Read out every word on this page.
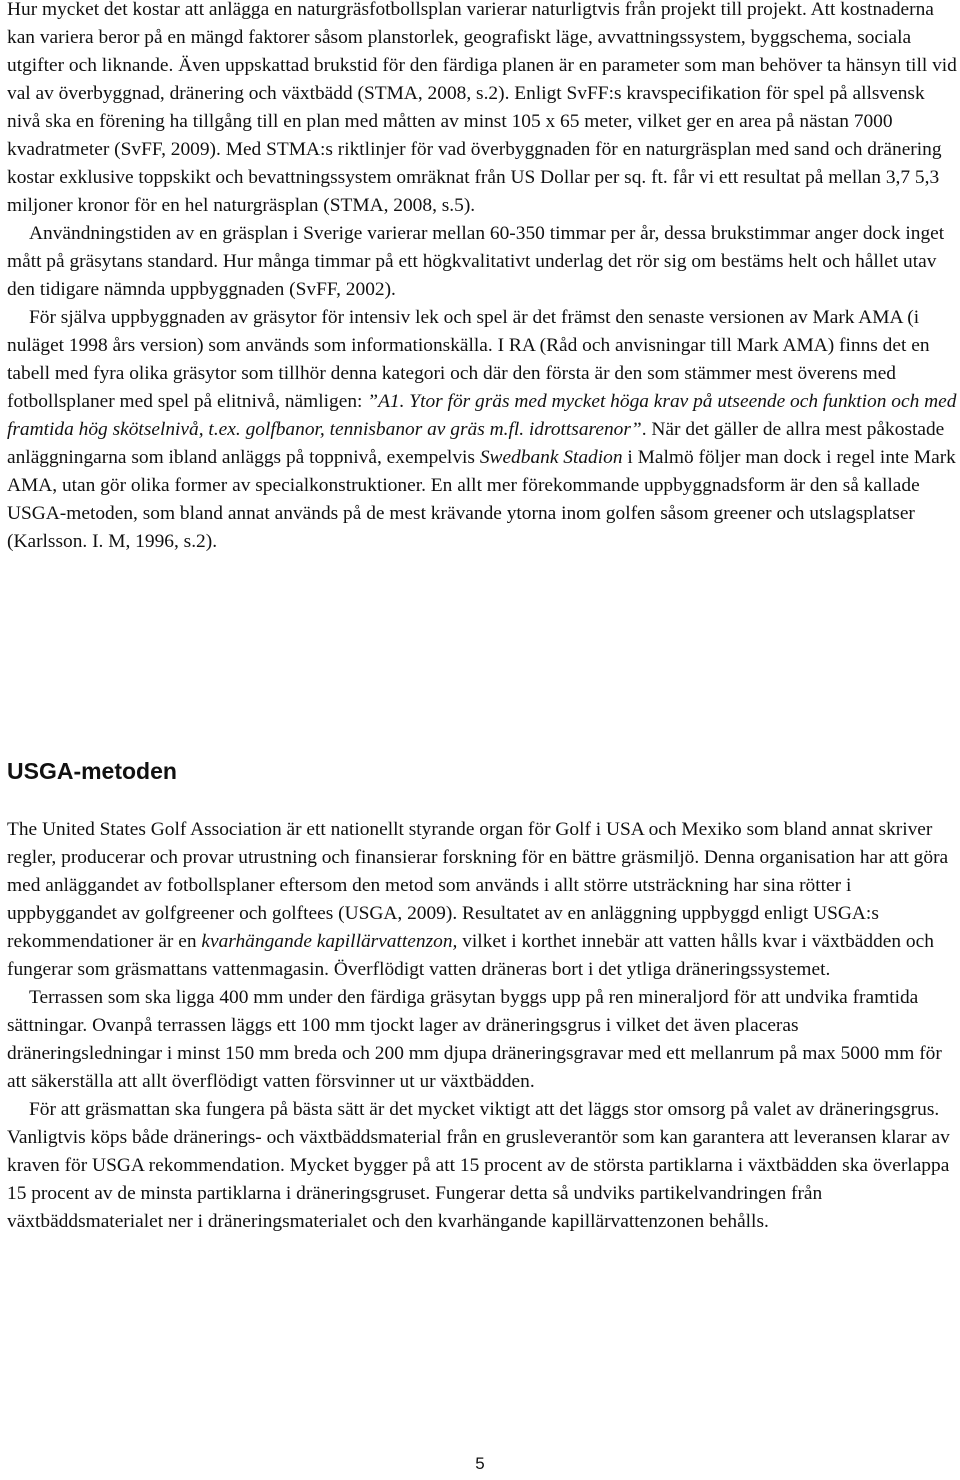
Hur mycket det kostar att anlägga en naturgräsfotbollsplan varierar naturligtvis från projekt till projekt. Att kostnaderna kan variera beror på en mängd faktorer såsom planstorlek, geografiskt läge, avvattningssystem, byggschema, sociala utgifter och liknande. Även uppskattad brukstid för den färdiga planen är en parameter som man behöver ta hänsyn till vid val av överbyggnad, dränering och växtbädd (STMA, 2008, s.2). Enligt SvFF:s kravspecifikation för spel på allsvensk nivå ska en förening ha tillgång till en plan med måtten av minst 105 x 65 meter, vilket ger en area på nästan 7000 kvadratmeter (SvFF, 2009). Med STMA:s riktlinjer för vad överbyggnaden för en naturgräsplan med sand och dränering kostar exklusive toppskikt och bevattningssystem omräknat från US Dollar per sq. ft. får vi ett resultat på mellan 3,7 5,3 miljoner kronor för en hel naturgräsplan (STMA, 2008, s.5).

Användningstiden av en gräsplan i Sverige varierar mellan 60-350 timmar per år, dessa brukstimmar anger dock inget mått på gräsytans standard. Hur många timmar på ett högkvalitativt underlag det rör sig om bestäms helt och hållet utav den tidigare nämnda uppbyggnaden (SvFF, 2002).

För själva uppbyggnaden av gräsytor för intensiv lek och spel är det främst den senaste versionen av Mark AMA (i nuläget 1998 års version) som används som informationskälla. I RA (Råd och anvisningar till Mark AMA) finns det en tabell med fyra olika gräsytor som tillhör denna kategori och där den första är den som stämmer mest överens med fotbollsplaner med spel på elitnivå, nämligen: ”A1. Ytor för gräs med mycket höga krav på utseende och funktion och med framtida hög skötselnivå, t.ex. golfbanor, tennisbanor av gräs m.fl. idrottsarenor”. När det gäller de allra mest påkostade anläggningarna som ibland anläggs på toppnivå, exempelvis Swedbank Stadion i Malmö följer man dock i regel inte Mark AMA, utan gör olika former av specialkonstruktioner. En allt mer förekommande uppbyggnadsform är den så kallade USGA-metoden, som bland annat används på de mest krävande ytorna inom golfen såsom greener och utslagsplatser (Karlsson. I. M, 1996, s.2).

USGA-metoden

The United States Golf Association är ett nationellt styrande organ för Golf i USA och Mexiko som bland annat skriver regler, producerar och provar utrustning och finansierar forskning för en bättre gräsmiljö. Denna organisation har att göra med anläggandet av fotbollsplaner eftersom den metod som används i allt större utsträckning har sina rötter i uppbyggandet av golfgreener och golftees (USGA, 2009). Resultatet av en anläggning uppbyggd enligt USGA:s rekommendationer är en kvarhängande kapillärvattenzon, vilket i korthet innebär att vatten hålls kvar i växtbädden och fungerar som gräsmattans vattenmagasin. Överflödigt vatten dräneras bort i det ytliga dräneringssystemet.

Terrassen som ska ligga 400 mm under den färdiga gräsytan byggs upp på ren mineraljord för att undvika framtida sättningar. Ovanpå terrassen läggs ett 100 mm tjockt lager av dräneringsgrus i vilket det även placeras dräneringsledningar i minst 150 mm breda och 200 mm djupa dräneringsgravar med ett mellanrum på max 5000 mm för att säkerställa att allt överflödigt vatten försvinner ut ur växtbädden.

För att gräsmattan ska fungera på bästa sätt är det mycket viktigt att det läggs stor omsorg på valet av dräneringsgrus. Vanligtvis köps både dränerings- och växtbäddsmaterial från en grusleverantör som kan garantera att leveransen klarar av kraven för USGA rekommendation. Mycket bygger på att 15 procent av de största partiklarna i växtbädden ska överlappa 15 procent av de minsta partiklarna i dräneringsgruset. Fungerar detta så undviks partikelvandringen från växtbäddsmaterialet ner i dräneringsmaterialet och den kvarhängande kapillärvattenzonen behålls.

5
